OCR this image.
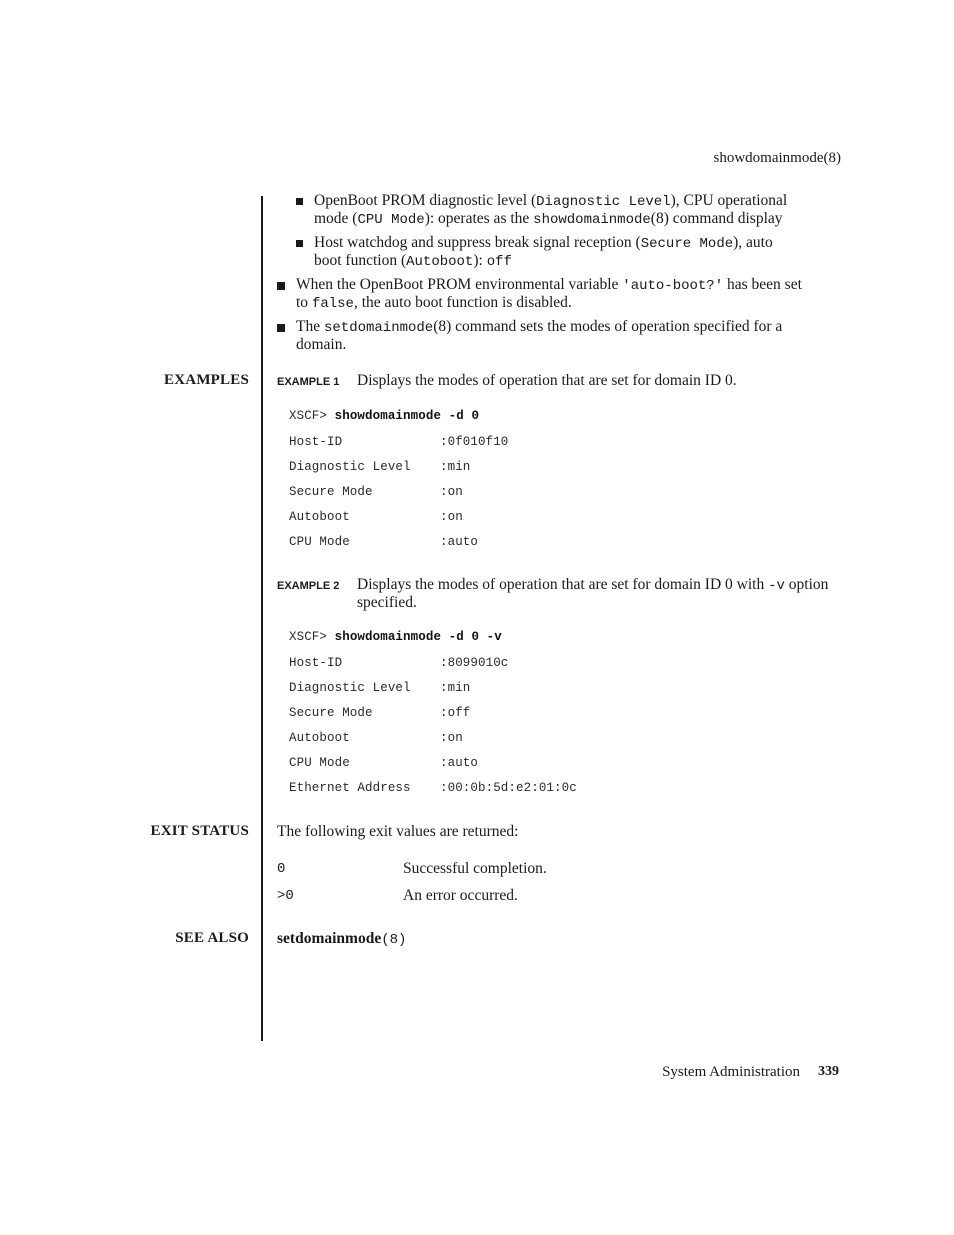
showdomainmode(8)
OpenBoot PROM diagnostic level (Diagnostic Level), CPU operational
mode (CPU Mode): operates as the showdomainmode(8) command display
Host watchdog and suppress break signal reception (Secure Mode), auto
boot function (Autoboot): off
When the OpenBoot PROM environmental variable 'auto-boot?' has been set
to false, the auto boot function is disabled.
The setdomainmode(8) command sets the modes of operation specified for a
domain.
EXAMPLES	EXAMPLE 1 Displays the modes of operation that are set for domain ID 0.
XSCF> showdomainmode -d 0
Host-ID	:0f010f10
Diagnostic Level :min
Secure Mode	:on
Autoboot	:on
CPU Mode	:auto
EXAMPLE 2 Displays the modes of operation that are set for domain ID 0 with -v option
specified.
XSCF> showdomainmode -d 0 -v
Host-ID	:8099010c
Diagnostic Level :min
Secure Mode	:off
Autoboot	:on
CPU Mode	:auto
Ethernet Address :00:0b:5d:e2:01:0c
EXIT STATUS The following exit values are returned:
0	Successful completion.
>0	An error occurred.
SEE ALSO setdomainmode(8)
System Administration 339
